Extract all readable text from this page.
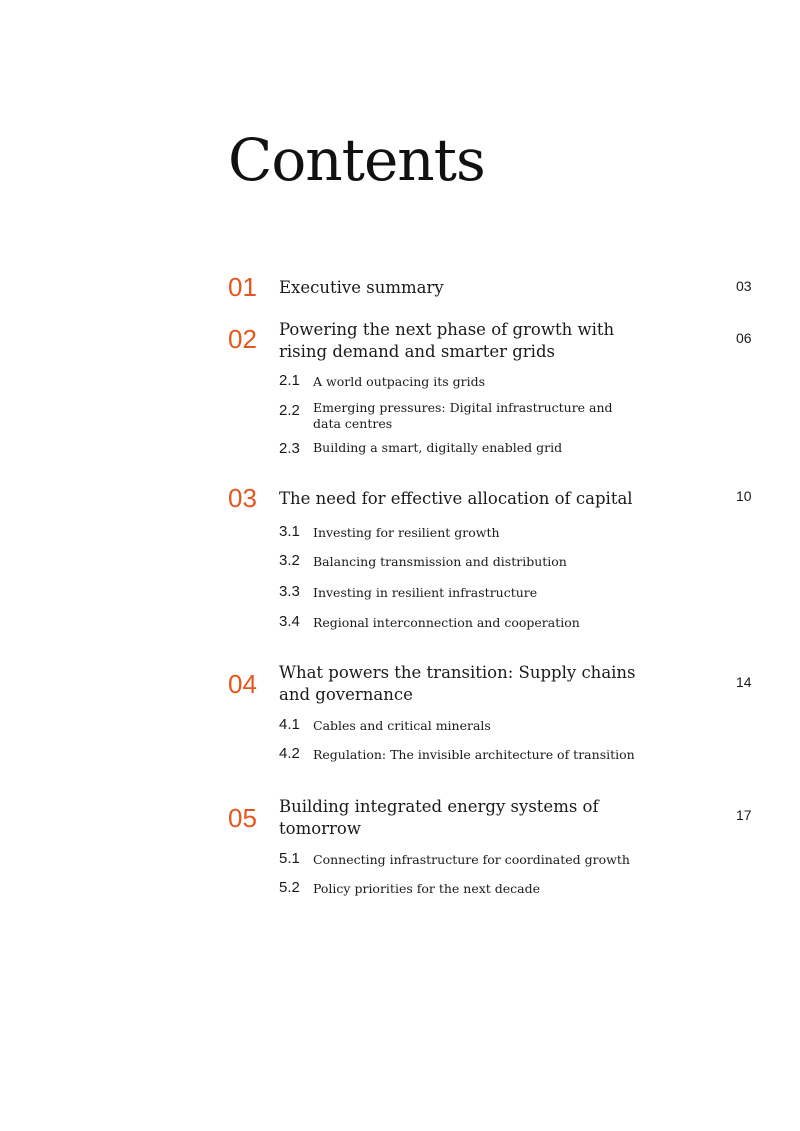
Contents
01 Executive summary	03
02 Powering the next phase of growth with rising demand and smarter grids
06
2.1 A world outpacing its grids
2.2 Emerging pressures: Digital infrastructure and data centres
2.3 Building a smart, digitally enabled grid
03 The need for effective allocation of capital	10
3.1 Investing for resilient growth
3.2 Balancing transmission and distribution
3.3 Investing in resilient infrastructure
3.4 Regional interconnection and cooperation
04 What powers the transition: Supply chains and governance
14
4.1 Cables and critical minerals
4.2 Regulation: The invisible architecture of transition
05 Building integrated energy systems of tomorrow
17
5.1 Connecting infrastructure for coordinated growth
5.2 Policy priorities for the next decade
